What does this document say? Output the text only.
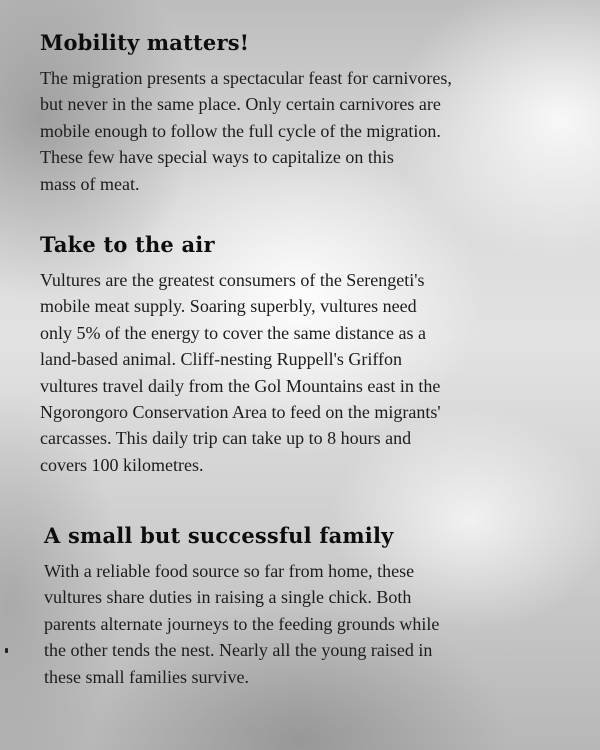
Mobility matters!

The migration presents a spectacular feast for carnivores,
but never in the same place. Only certain carnivores are
mobile enough to follow the full cycle of the migration.
These few have special ways to capitalize on this
mass of meat.

Take to the air

Vultures are the greatest consumers of the Serengeti's
mobile meat supply. Soaring superbly, vultures need
only 5% of the energy to cover the same distance as a
land-based animal. Cliff-nesting Ruppell's Griffon
vultures travel daily from the Gol Mountains east in the
Ngorongoro Conservation Area to feed on the migrants'
carcasses. This daily trip can take up to 8 hours and
covers 100 kilometres.

A small but successful family

With a reliable food source so far from home, these
vultures share duties in raising a single chick. Both
parents alternate journeys to the feeding grounds while
the other tends the nest. Nearly all the young raised in
these small families survive.
